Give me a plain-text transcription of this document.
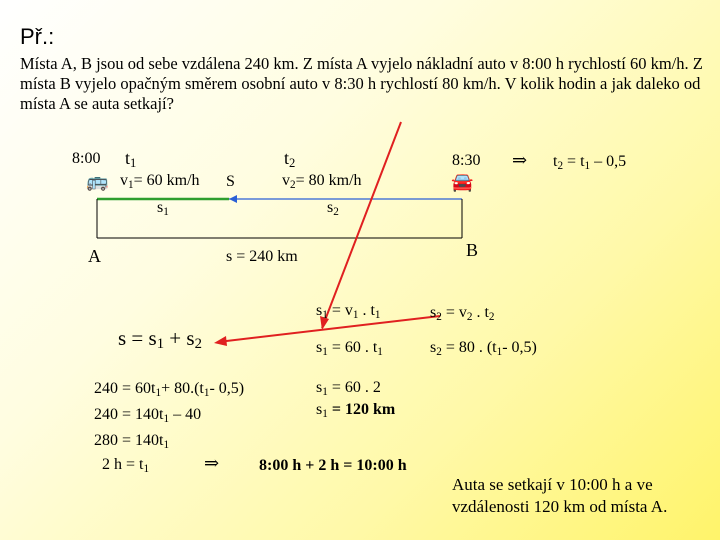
Př.:
Místa A, B jsou od sebe vzdálena 240 km. Z místa A vyjelo nákladní auto v 8:00 h rychlostí 60 km/h. Z místa B vyjelo opačným směrem osobní auto v 8:30 h rychlostí 80 km/h. V kolik hodin a jak daleko od místa A se auta setkají?
8:00 $t_1$
$v_1= 60$ km/h S
🚌
$s_1$
$t_2$
$v_2= 80$ km/h
$s_2$
8:30
🚘
⇒ $t_2 = t_1 - 0,5$
A	B
s = 240 km
$s = s_1 + s_2$
$s_1 = v_1$ . $t_1$	$s_2 = v_2$ . $t_2$
$s_1 = 60$ . $t_1$	$s_2 = 80$ . ($t_1-$ 0,5)
$s_1 = 60$ . 2
$s_1 = 120$ km
$240 = 60t_1+ 80.(t_1-$ 0,5)
$240 = 140t_1 - 40$
$280 = 140t_1$
2 $h = t_1$	⇒ 8:00 h + 2 h = 10:00 h
Auta se setkají v 10:00 h a ve vzdálenosti 120 km od místa A.
